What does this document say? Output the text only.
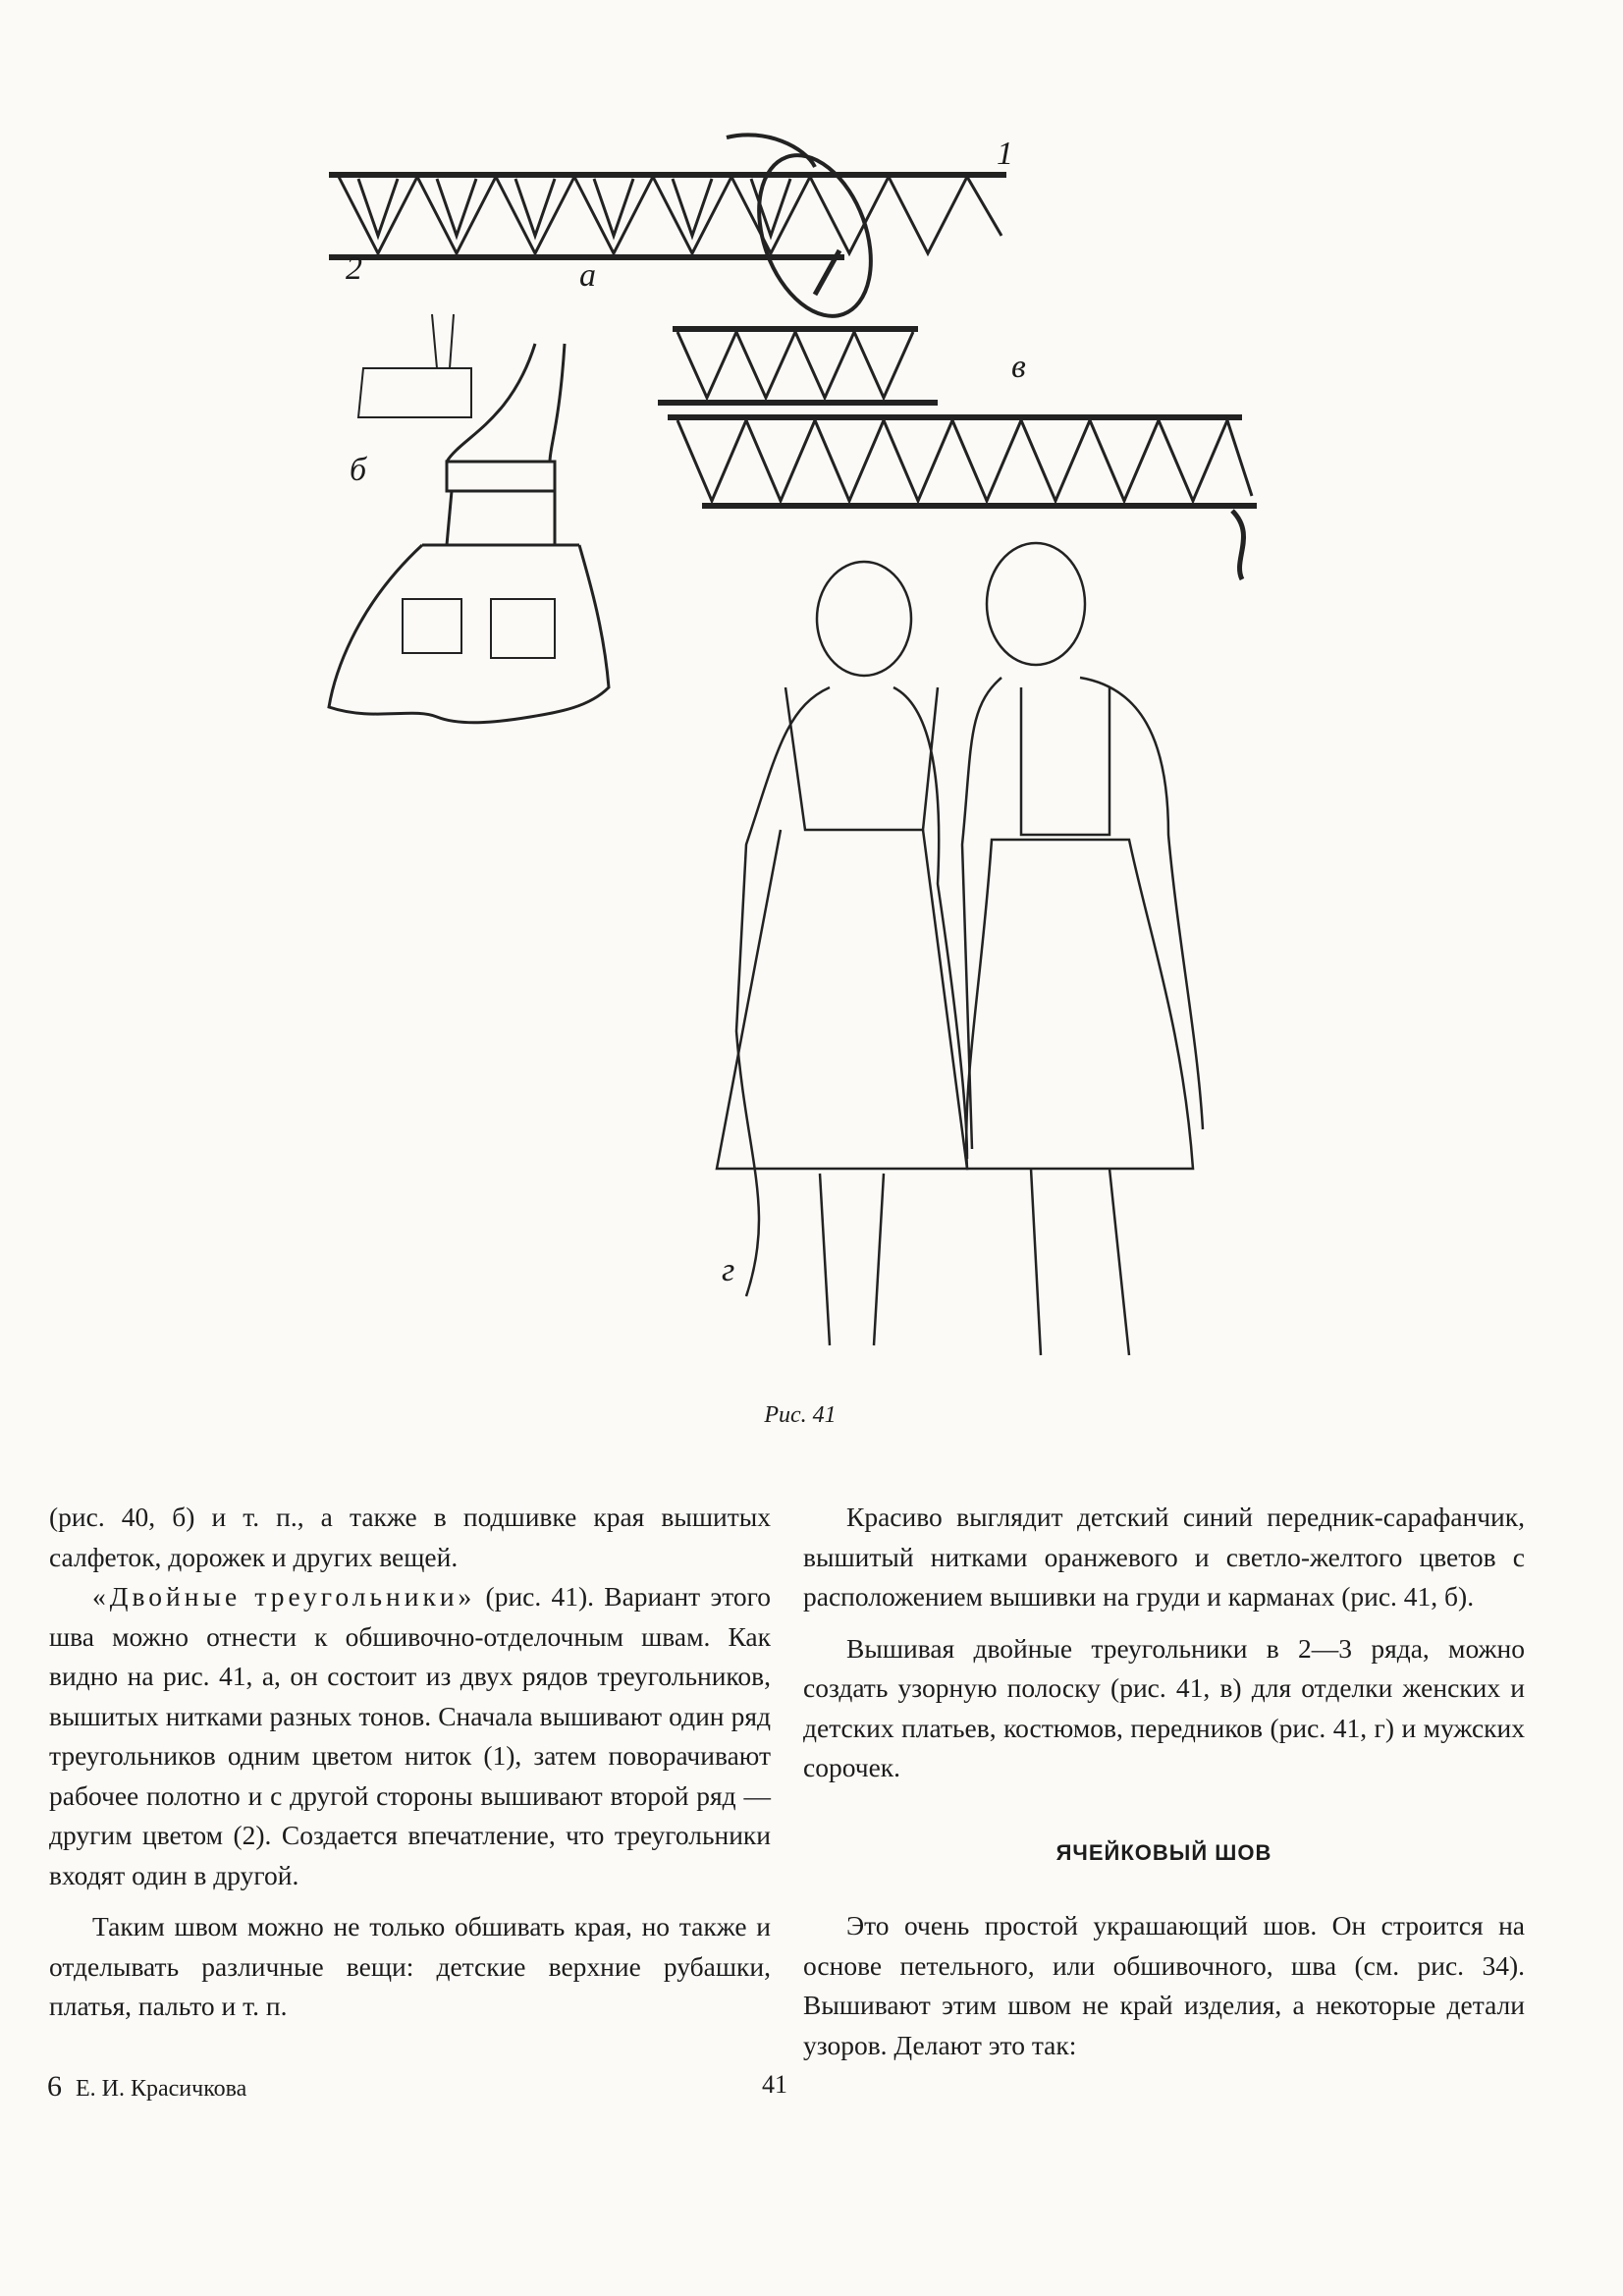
1
2	а
б
в
г
Рис. 41

(рис. 40, б) и т. п., а также в подшивке края вышитых салфеток, дорожек и других вещей.

«Двойные треугольники» (рис. 41). Вариант этого шва можно отнести к обшивочно-отделочным швам. Как видно на рис. 41, а, он состоит из двух рядов треугольников, вышитых нитками разных тонов. Сначала вышивают один ряд треугольников одним цветом ниток (1), затем поворачивают рабочее полотно и с другой стороны вышивают второй ряд — другим цветом (2). Создается впечатление, что треугольники входят один в другой.

Таким швом можно не только обшивать края, но также и отделывать различные вещи: детские верхние рубашки, платья, пальто и т. п.

Красиво выглядит детский синий передник-сарафанчик, вышитый нитками оранжевого и светло-желтого цветов с расположением вышивки на груди и карманах (рис. 41, б).

Вышивая двойные треугольники в 2—3 ряда, можно создать узорную полоску (рис. 41, в) для отделки женских и детских платьев, костюмов, передников (рис. 41, г) и мужских сорочек.

ЯЧЕЙКОВЫЙ ШОВ

Это очень простой украшающий шов. Он строится на основе петельного, или обшивочного, шва (см. рис. 34). Вышивают этим швом не край изделия, а некоторые детали узоров. Делают это так:

6 Е. И. Красичкова	41
